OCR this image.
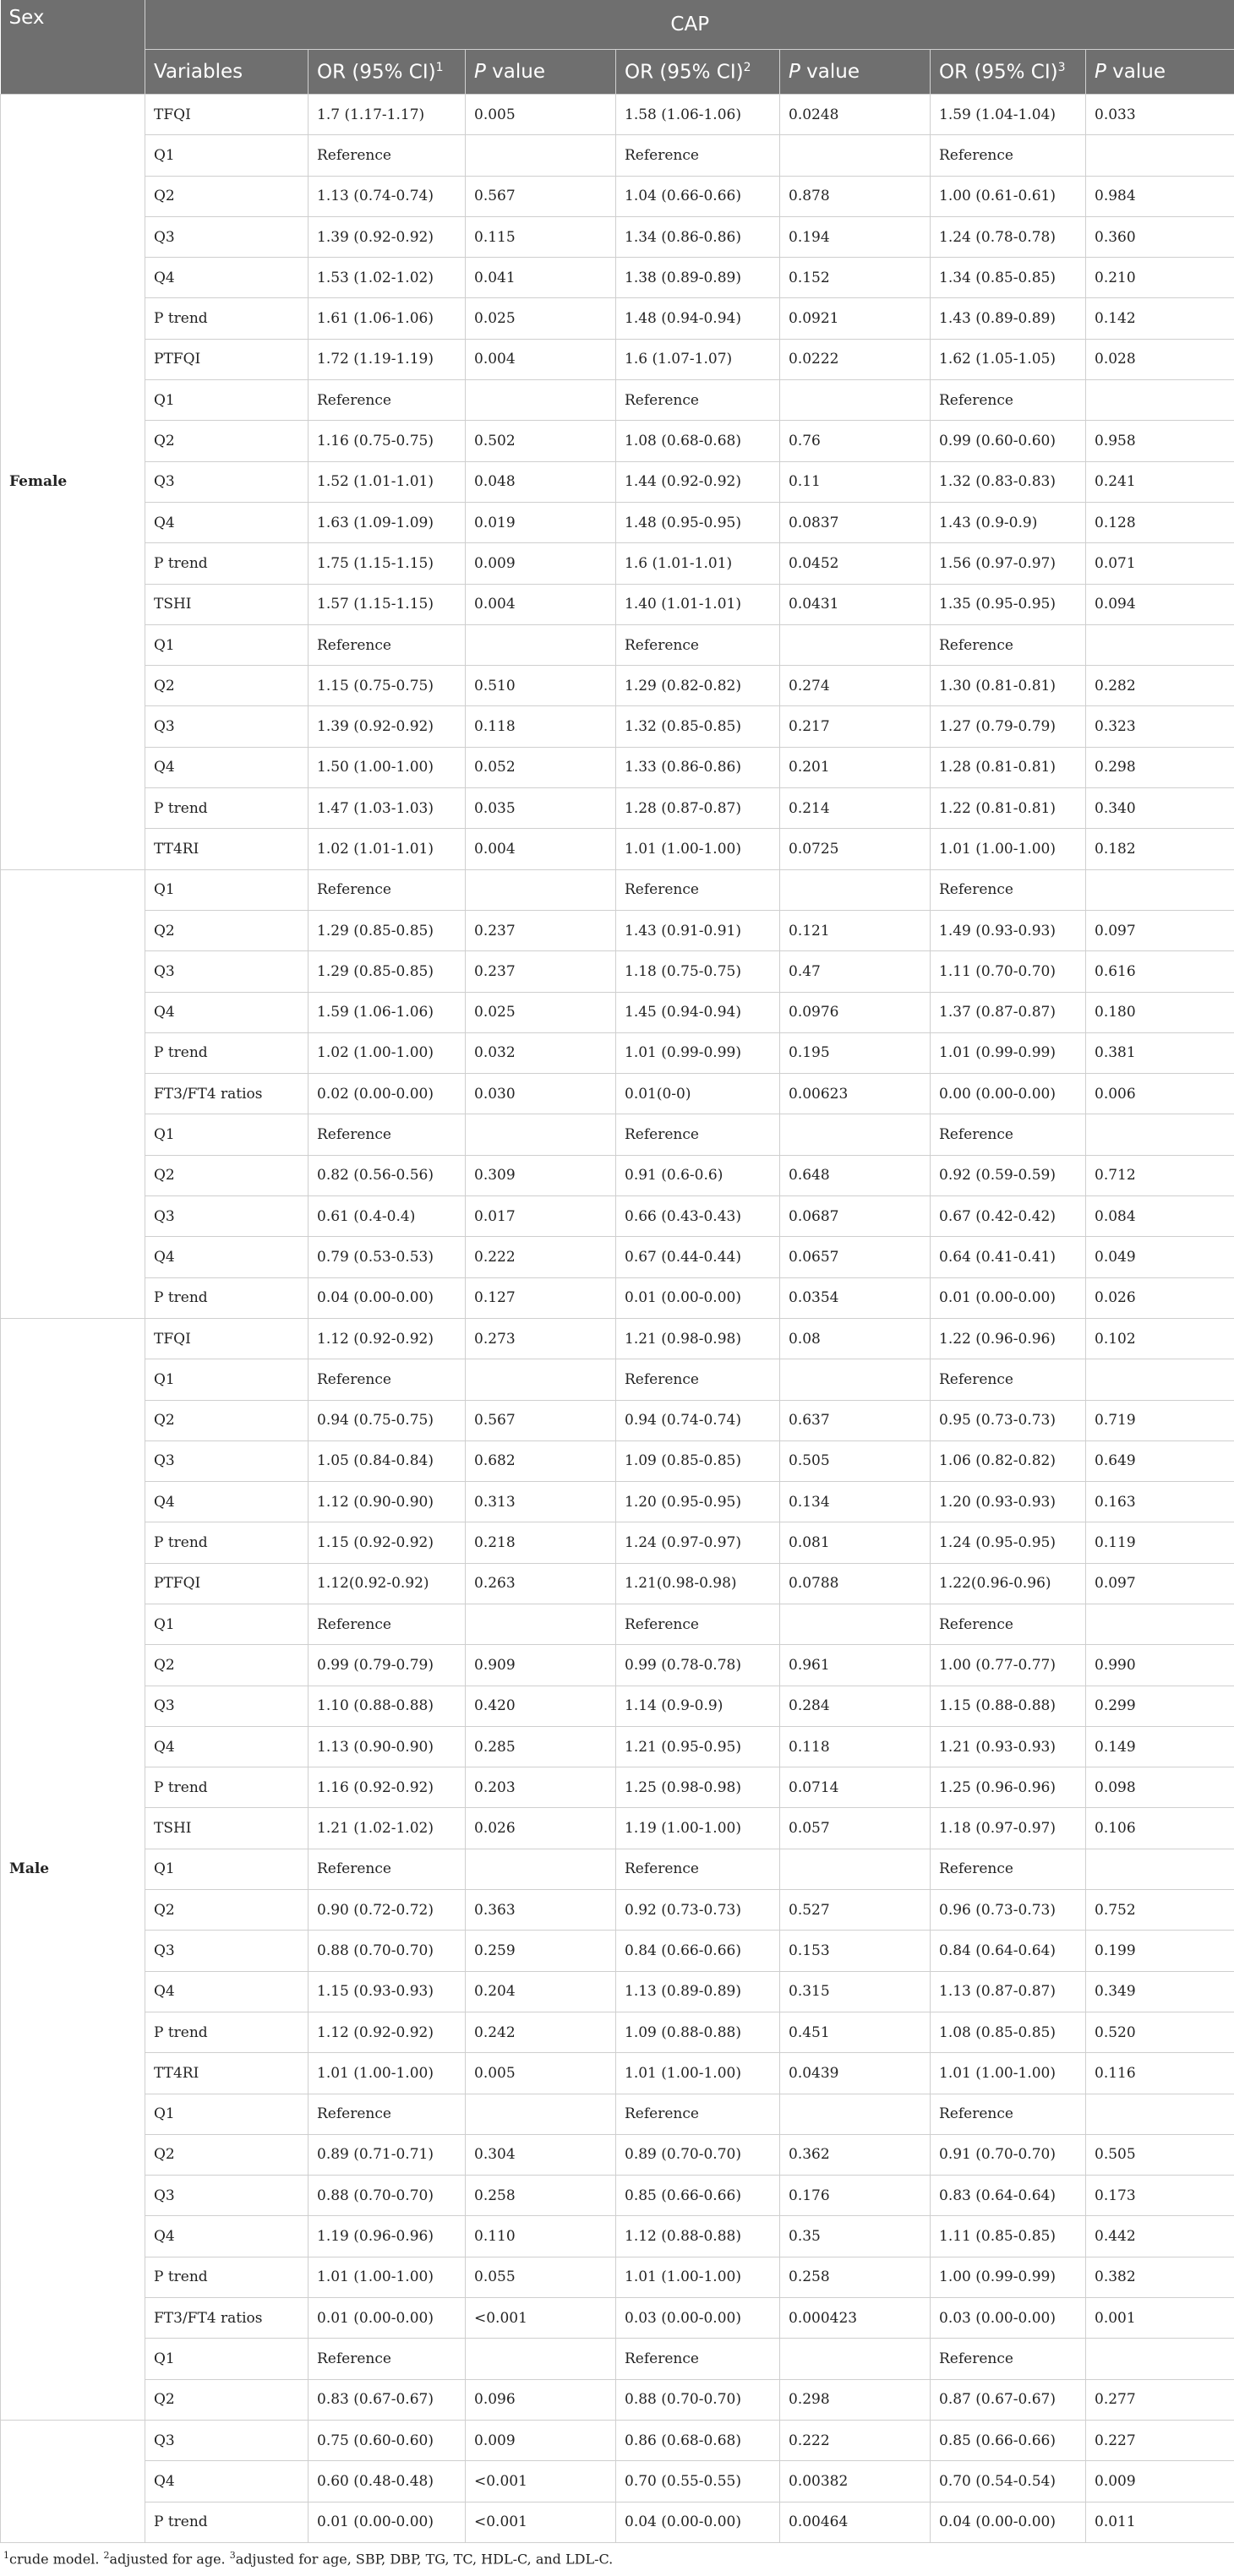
Sex	CAP						
	Variables	OR (95% CI)$^1$	P value	OR (95% CI)$^2$	P value	OR (95% CI)$^3$	P value
Female	TFQI	1.7 (1.17-1.17)	0.005	1.58 (1.06-1.06)	0.0248	1.59 (1.04-1.04)	0.033
	Q1	Reference		Reference		Reference	
	Q2	1.13 (0.74-0.74)	0.567	1.04 (0.66-0.66)	0.878	1.00 (0.61-0.61)	0.984
	Q3	1.39 (0.92-0.92)	0.115	1.34 (0.86-0.86)	0.194	1.24 (0.78-0.78)	0.360
	Q4	1.53 (1.02-1.02)	0.041	1.38 (0.89-0.89)	0.152	1.34 (0.85-0.85)	0.210
	P trend	1.61 (1.06-1.06)	0.025	1.48 (0.94-0.94)	0.0921	1.43 (0.89-0.89)	0.142
	PTFQI	1.72 (1.19-1.19)	0.004	1.6 (1.07-1.07)	0.0222	1.62 (1.05-1.05)	0.028
	Q1	Reference		Reference		Reference	
	Q2	1.16 (0.75-0.75)	0.502	1.08 (0.68-0.68)	0.76	0.99 (0.60-0.60)	0.958
	Q3	1.52 (1.01-1.01)	0.048	1.44 (0.92-0.92)	0.11	1.32 (0.83-0.83)	0.241
	Q4	1.63 (1.09-1.09)	0.019	1.48 (0.95-0.95)	0.0837	1.43 (0.9-0.9)	0.128
	P trend	1.75 (1.15-1.15)	0.009	1.6 (1.01-1.01)	0.0452	1.56 (0.97-0.97)	0.071
	TSHI	1.57 (1.15-1.15)	0.004	1.40 (1.01-1.01)	0.0431	1.35 (0.95-0.95)	0.094
	Q1	Reference		Reference		Reference	
	Q2	1.15 (0.75-0.75)	0.510	1.29 (0.82-0.82)	0.274	1.30 (0.81-0.81)	0.282
	Q3	1.39 (0.92-0.92)	0.118	1.32 (0.85-0.85)	0.217	1.27 (0.79-0.79)	0.323
	Q4	1.50 (1.00-1.00)	0.052	1.33 (0.86-0.86)	0.201	1.28 (0.81-0.81)	0.298
	P trend	1.47 (1.03-1.03)	0.035	1.28 (0.87-0.87)	0.214	1.22 (0.81-0.81)	0.340
	TT4RI	1.02 (1.01-1.01)	0.004	1.01 (1.00-1.00)	0.0725	1.01 (1.00-1.00)	0.182
	Q1	Reference		Reference		Reference	
	Q2	1.29 (0.85-0.85)	0.237	1.43 (0.91-0.91)	0.121	1.49 (0.93-0.93)	0.097
	Q3	1.29 (0.85-0.85)	0.237	1.18 (0.75-0.75)	0.47	1.11 (0.70-0.70)	0.616
	Q4	1.59 (1.06-1.06)	0.025	1.45 (0.94-0.94)	0.0976	1.37 (0.87-0.87)	0.180
	P trend	1.02 (1.00-1.00)	0.032	1.01 (0.99-0.99)	0.195	1.01 (0.99-0.99)	0.381
	FT3/FT4 ratios	0.02 (0.00-0.00)	0.030	0.01(0-0)	0.00623	0.00 (0.00-0.00)	0.006
	Q1	Reference		Reference		Reference	
	Q2	0.82 (0.56-0.56)	0.309	0.91 (0.6-0.6)	0.648	0.92 (0.59-0.59)	0.712
	Q3	0.61 (0.4-0.4)	0.017	0.66 (0.43-0.43)	0.0687	0.67 (0.42-0.42)	0.084
	Q4	0.79 (0.53-0.53)	0.222	0.67 (0.44-0.44)	0.0657	0.64 (0.41-0.41)	0.049
	P trend	0.04 (0.00-0.00)	0.127	0.01 (0.00-0.00)	0.0354	0.01 (0.00-0.00)	0.026
Male	TFQI	1.12 (0.92-0.92)	0.273	1.21 (0.98-0.98)	0.08	1.22 (0.96-0.96)	0.102
	Q1	Reference		Reference		Reference	
	Q2	0.94 (0.75-0.75)	0.567	0.94 (0.74-0.74)	0.637	0.95 (0.73-0.73)	0.719
	Q3	1.05 (0.84-0.84)	0.682	1.09 (0.85-0.85)	0.505	1.06 (0.82-0.82)	0.649
	Q4	1.12 (0.90-0.90)	0.313	1.20 (0.95-0.95)	0.134	1.20 (0.93-0.93)	0.163
	P trend	1.15 (0.92-0.92)	0.218	1.24 (0.97-0.97)	0.081	1.24 (0.95-0.95)	0.119
	PTFQI	1.12(0.92-0.92)	0.263	1.21(0.98-0.98)	0.0788	1.22(0.96-0.96)	0.097
	Q1	Reference		Reference		Reference	
	Q2	0.99 (0.79-0.79)	0.909	0.99 (0.78-0.78)	0.961	1.00 (0.77-0.77)	0.990
	Q3	1.10 (0.88-0.88)	0.420	1.14 (0.9-0.9)	0.284	1.15 (0.88-0.88)	0.299
	Q4	1.13 (0.90-0.90)	0.285	1.21 (0.95-0.95)	0.118	1.21 (0.93-0.93)	0.149
	P trend	1.16 (0.92-0.92)	0.203	1.25 (0.98-0.98)	0.0714	1.25 (0.96-0.96)	0.098
	TSHI	1.21 (1.02-1.02)	0.026	1.19 (1.00-1.00)	0.057	1.18 (0.97-0.97)	0.106
	Q1	Reference		Reference		Reference	
	Q2	0.90 (0.72-0.72)	0.363	0.92 (0.73-0.73)	0.527	0.96 (0.73-0.73)	0.752
	Q3	0.88 (0.70-0.70)	0.259	0.84 (0.66-0.66)	0.153	0.84 (0.64-0.64)	0.199
	Q4	1.15 (0.93-0.93)	0.204	1.13 (0.89-0.89)	0.315	1.13 (0.87-0.87)	0.349
	P trend	1.12 (0.92-0.92)	0.242	1.09 (0.88-0.88)	0.451	1.08 (0.85-0.85)	0.520
	TT4RI	1.01 (1.00-1.00)	0.005	1.01 (1.00-1.00)	0.0439	1.01 (1.00-1.00)	0.116
	Q1	Reference		Reference		Reference	
	Q2	0.89 (0.71-0.71)	0.304	0.89 (0.70-0.70)	0.362	0.91 (0.70-0.70)	0.505
	Q3	0.88 (0.70-0.70)	0.258	0.85 (0.66-0.66)	0.176	0.83 (0.64-0.64)	0.173
	Q4	1.19 (0.96-0.96)	0.110	1.12 (0.88-0.88)	0.35	1.11 (0.85-0.85)	0.442
	P trend	1.01 (1.00-1.00)	0.055	1.01 (1.00-1.00)	0.258	1.00 (0.99-0.99)	0.382
	FT3/FT4 ratios	0.01 (0.00-0.00)	<0.001	0.03 (0.00-0.00)	0.000423	0.03 (0.00-0.00)	0.001
	Q1	Reference		Reference		Reference	
	Q2	0.83 (0.67-0.67)	0.096	0.88 (0.70-0.70)	0.298	0.87 (0.67-0.67)	0.277
	Q3	0.75 (0.60-0.60)	0.009	0.86 (0.68-0.68)	0.222	0.85 (0.66-0.66)	0.227
	Q4	0.60 (0.48-0.48)	<0.001	0.70 (0.55-0.55)	0.00382	0.70 (0.54-0.54)	0.009
	P trend	0.01 (0.00-0.00)	<0.001	0.04 (0.00-0.00)	0.00464	0.04 (0.00-0.00)	0.011
$^1$crude model. $^2$adjusted for age. $^3$adjusted for age, SBP, DBP, TG, TC, HDL-C, and LDL-C.
